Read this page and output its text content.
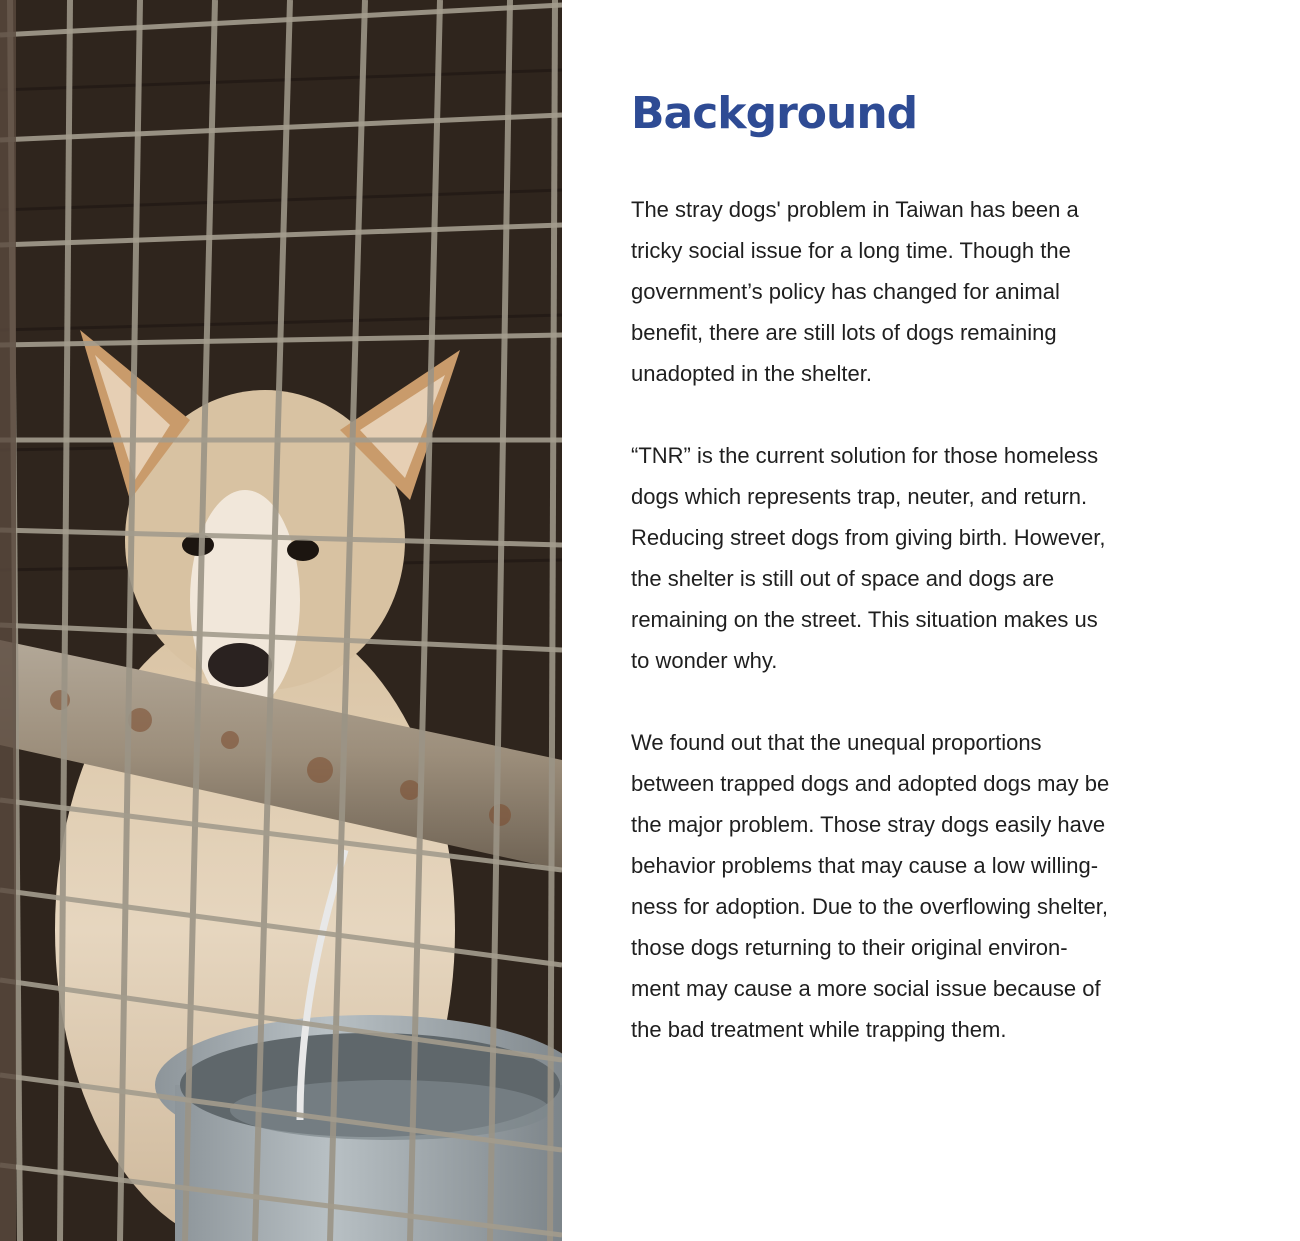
Background

The stray dogs' problem in Taiwan has been a
tricky social issue for a long time. Though the
government’s policy has changed for animal
benefit, there are still lots of dogs remaining
unadopted in the shelter.

“TNR” is the current solution for those homeless
dogs which represents trap, neuter, and return.
Reducing street dogs from giving birth. However,
the shelter is still out of space and dogs are
remaining on the street. This situation makes us
to wonder why.

We found out that the unequal proportions
between trapped dogs and adopted dogs may be
the major problem. Those stray dogs easily have
behavior problems that may cause a low willing-
ness for adoption. Due to the overflowing shelter,
those dogs returning to their original environ-
ment may cause a more social issue because of
the bad treatment while trapping them.
